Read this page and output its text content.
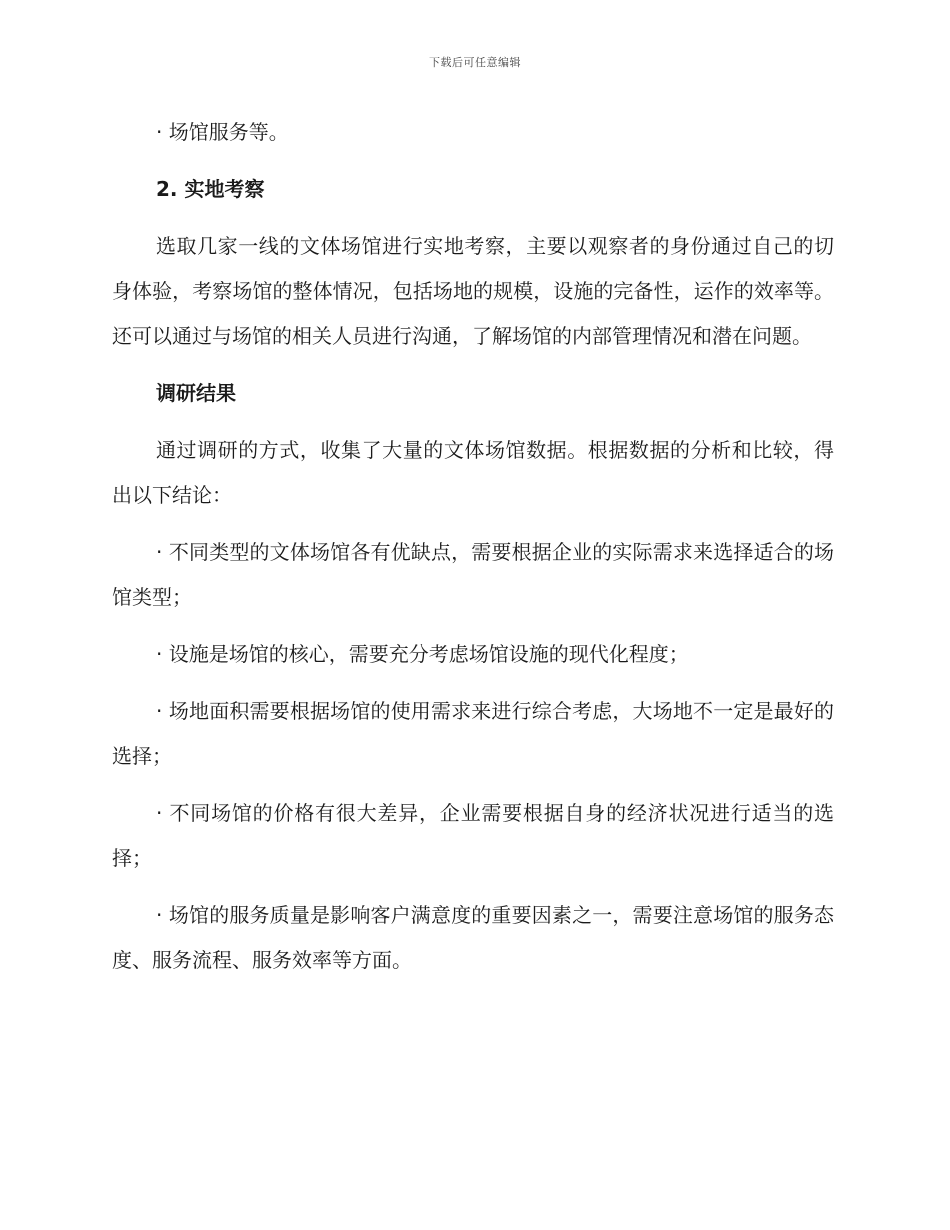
下载后可任意编辑

· 场馆服务等。

2. 实地考察

选取几家一线的文体场馆进行实地考察，主要以观察者的身份通过自己的切身体验，考察场馆的整体情况，包括场地的规模，设施的完备性，运作的效率等。还可以通过与场馆的相关人员进行沟通，了解场馆的内部管理情况和潜在问题。

调研结果

通过调研的方式，收集了大量的文体场馆数据。根据数据的分析和比较，得出以下结论：

· 不同类型的文体场馆各有优缺点，需要根据企业的实际需求来选择适合的场馆类型；

· 设施是场馆的核心，需要充分考虑场馆设施的现代化程度；

· 场地面积需要根据场馆的使用需求来进行综合考虑，大场地不一定是最好的选择；

· 不同场馆的价格有很大差异，企业需要根据自身的经济状况进行适当的选择；

· 场馆的服务质量是影响客户满意度的重要因素之一，需要注意场馆的服务态度、服务流程、服务效率等方面。
